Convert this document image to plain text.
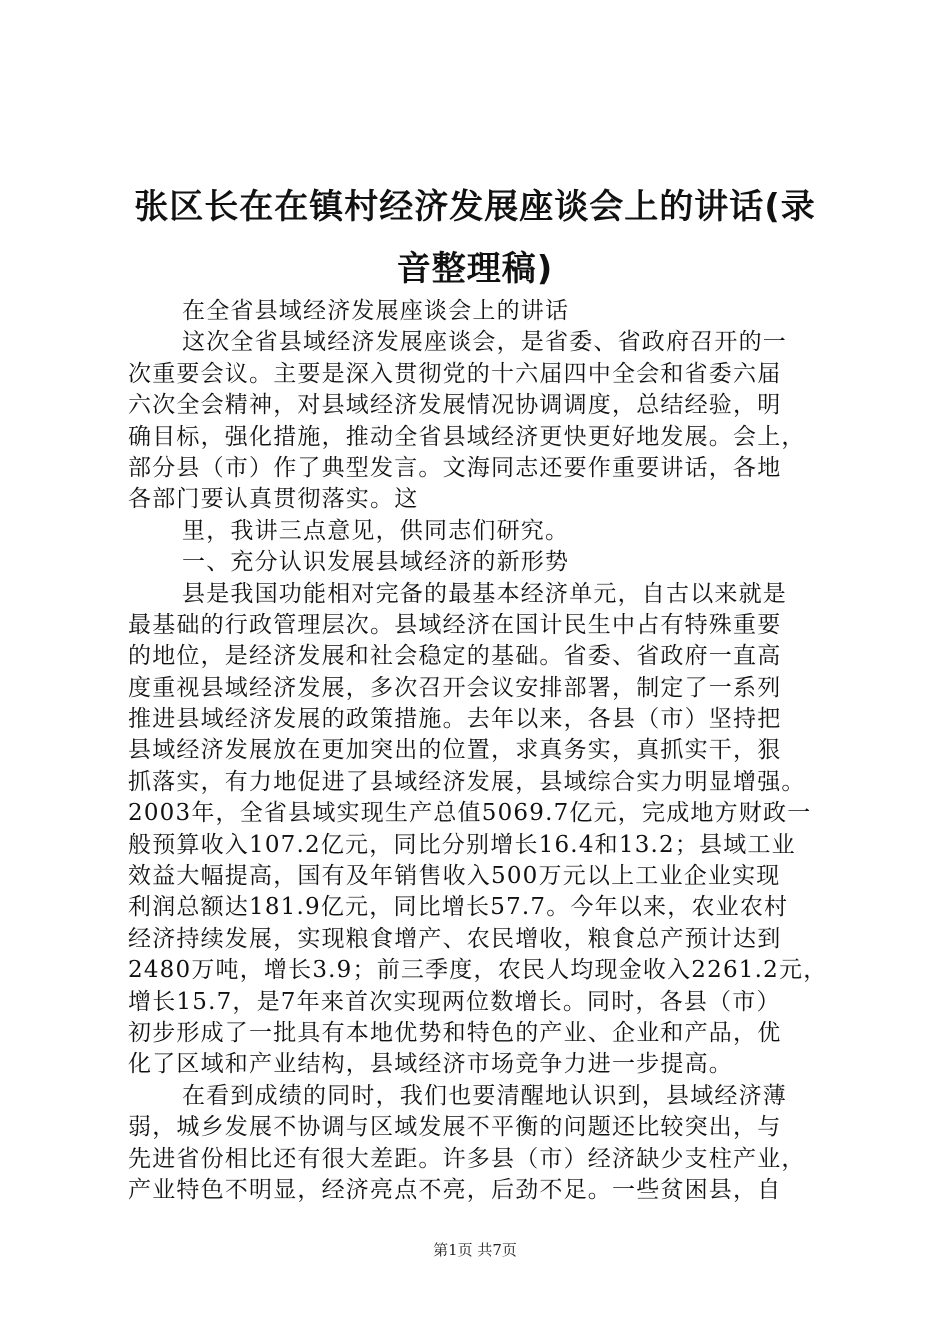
张区长在在镇村经济发展座谈会上的讲话(录
音整理稿)
在全省县域经济发展座谈会上的讲话
这次全省县域经济发展座谈会，是省委、省政府召开的一
次重要会议。主要是深入贯彻党的十六届四中全会和省委六届
六次全会精神，对县域经济发展情况协调调度，总结经验，明
确目标，强化措施，推动全省县域经济更快更好地发展。会上，
部分县（市）作了典型发言。文海同志还要作重要讲话，各地
各部门要认真贯彻落实。这
里，我讲三点意见，供同志们研究。
一、充分认识发展县域经济的新形势
县是我国功能相对完备的最基本经济单元，自古以来就是
最基础的行政管理层次。县域经济在国计民生中占有特殊重要
的地位，是经济发展和社会稳定的基础。省委、省政府一直高
度重视县域经济发展，多次召开会议安排部署，制定了一系列
推进县域经济发展的政策措施。去年以来，各县（市）坚持把
县域经济发展放在更加突出的位置，求真务实，真抓实干，狠
抓落实，有力地促进了县域经济发展，县域综合实力明显增强。
2003年，全省县域实现生产总值5069.7亿元，完成地方财政一
般预算收入107.2亿元，同比分别增长16.4和13.2；县域工业
效益大幅提高，国有及年销售收入500万元以上工业企业实现
利润总额达181.9亿元，同比增长57.7。今年以来，农业农村
经济持续发展，实现粮食增产、农民增收，粮食总产预计达到
2480万吨，增长3.9；前三季度，农民人均现金收入2261.2元，
增长15.7，是7年来首次实现两位数增长。同时，各县（市）
初步形成了一批具有本地优势和特色的产业、企业和产品，优
化了区域和产业结构，县域经济市场竞争力进一步提高。
在看到成绩的同时，我们也要清醒地认识到，县域经济薄
弱，城乡发展不协调与区域发展不平衡的问题还比较突出，与
先进省份相比还有很大差距。许多县（市）经济缺少支柱产业，
产业特色不明显，经济亮点不亮，后劲不足。一些贫困县，自
第1页 共7页
